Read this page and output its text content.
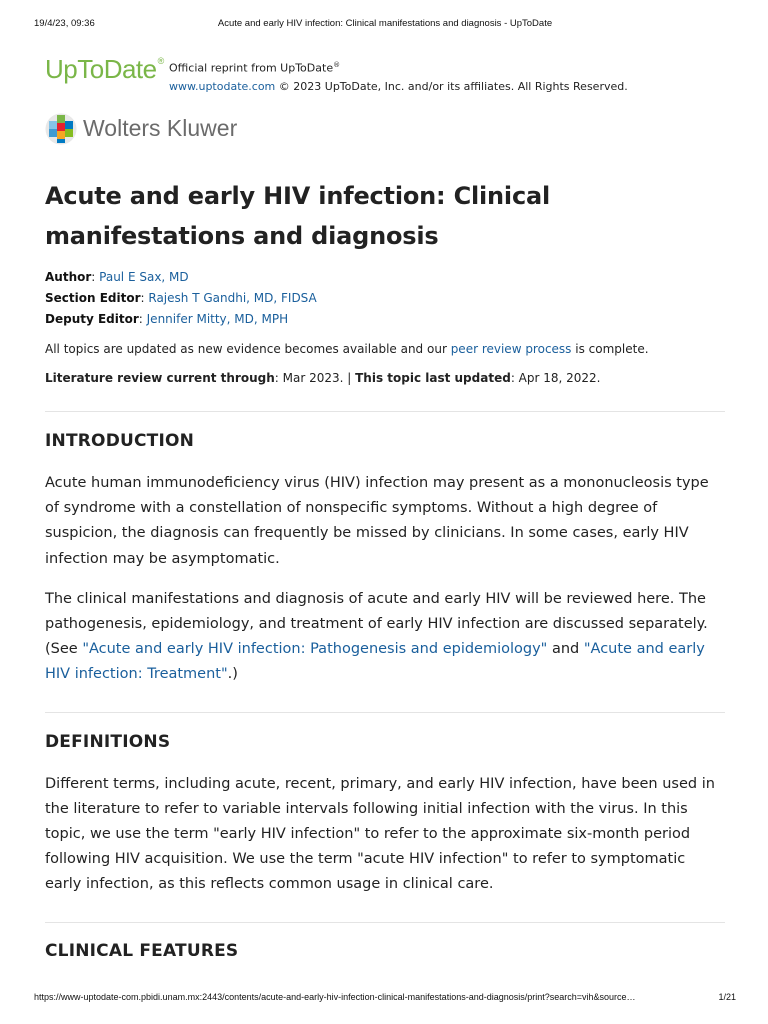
19/4/23, 09:36	Acute and early HIV infection: Clinical manifestations and diagnosis - UpToDate
UpToDate®
Official reprint from UpToDate®
www.uptodate.com © 2023 UpToDate, Inc. and/or its affiliates. All Rights Reserved.
Wolters Kluwer
Acute and early HIV infection: Clinical manifestations and diagnosis
Author: Paul E Sax, MD
Section Editor: Rajesh T Gandhi, MD, FIDSA
Deputy Editor: Jennifer Mitty, MD, MPH
All topics are updated as new evidence becomes available and our peer review process is complete.
Literature review current through: Mar 2023. | This topic last updated: Apr 18, 2022.
INTRODUCTION

Acute human immunodeficiency virus (HIV) infection may present as a mononucleosis type of syndrome with a constellation of nonspecific symptoms. Without a high degree of suspicion, the diagnosis can frequently be missed by clinicians. In some cases, early HIV infection may be asymptomatic.

The clinical manifestations and diagnosis of acute and early HIV will be reviewed here. The pathogenesis, epidemiology, and treatment of early HIV infection are discussed separately. (See "Acute and early HIV infection: Pathogenesis and epidemiology" and "Acute and early HIV infection: Treatment".)

DEFINITIONS

Different terms, including acute, recent, primary, and early HIV infection, have been used in the literature to refer to variable intervals following initial infection with the virus. In this topic, we use the term "early HIV infection" to refer to the approximate six-month period following HIV acquisition. We use the term "acute HIV infection" to refer to symptomatic early infection, as this reflects common usage in clinical care.

CLINICAL FEATURES
https://www-uptodate-com.pbidi.unam.mx:2443/contents/acute-and-early-hiv-infection-clinical-manifestations-and-diagnosis/print?search=vih&source…	1/21
